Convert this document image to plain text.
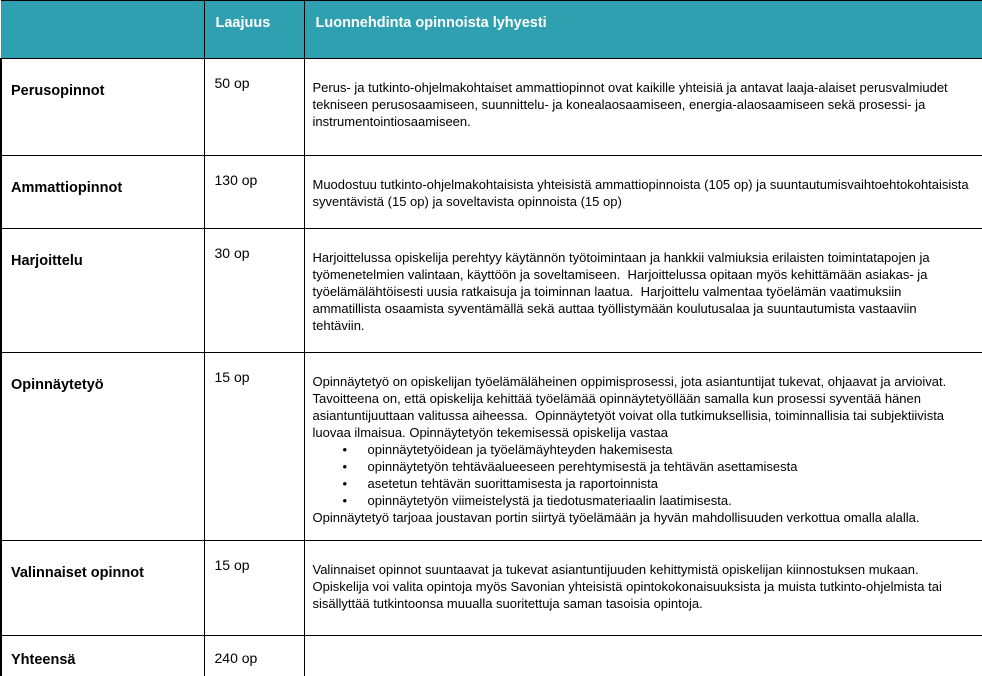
	Laajuus	Luonnehdinta opinnoista lyhyesti
Perusopinnot	50 op	Perus- ja tutkinto-ohjelmakohtaiset ammattiopinnot ovat kaikille yhteisiä ja antavat laaja-alaiset perusvalmiudet tekniseen perusosaamiseen, suunnittelu- ja konealaosaamiseen, energia-alaosaamiseen sekä prosessi- ja instrumentointiosaamiseen.

Ammattiopinnot	130 op	Muodostuu tutkinto-ohjelmakohtaisista yhteisistä ammattiopinnoista (105 op) ja suuntautumisvaihtoehtokohtaisista syventävistä (15 op) ja soveltavista opinnoista (15 op)

Harjoittelu	30 op	Harjoittelussa opiskelija perehtyy käytännön työtoimintaan ja hankkii valmiuksia erilaisten toimintatapojen ja työmenetelmien valintaan, käyttöön ja soveltamiseen.  Harjoittelussa opitaan myös kehittämään asiakas- ja työelämälähtöisesti uusia ratkaisuja ja toiminnan laatua.  Harjoittelu valmentaa työelämän vaatimuksiin ammatillista osaamista syventämällä sekä auttaa työllistymään koulutusalaa ja suuntautumista vastaaviin tehtäviin.

Opinnäytetyö	15 op	Opinnäytetyö on opiskelijan työelämäläheinen oppimisprosessi, jota asiantuntijat tukevat, ohjaavat ja arvioivat. Tavoitteena on, että opiskelija kehittää työelämää opinnäytetyöllään samalla kun prosessi syventää hänen asiantuntijuuttaan valitussa aiheessa.  Opinnäytetyöt voivat olla tutkimuksellisia, toiminnallisia tai subjektiivista luovaa ilmaisua. Opinnäytetyön tekemisessä opiskelija vastaa
• opinnäytetyöidean ja työelämäyhteyden hakemisesta
• opinnäytetyön tehtäväalueeseen perehtymisestä ja tehtävän asettamisesta
• asetetun tehtävän suorittamisesta ja raportoinnista
• opinnäytetyön viimeistelystä ja tiedotusmateriaalin laatimisesta.
Opinnäytetyö tarjoaa joustavan portin siirtyä työelämään ja hyvän mahdollisuuden verkottua omalla alalla.

Valinnaiset opinnot	15 op	Valinnaiset opinnot suuntaavat ja tukevat asiantuntijuuden kehittymistä opiskelijan kiinnostuksen mukaan. Opiskelija voi valita opintoja myös Savonian yhteisistä opintokokonaisuuksista ja muista tutkinto-ohjelmista tai sisällyttää tutkintoonsa muualla suoritettuja saman tasoisia opintoja.

Yhteensä	240 op	
